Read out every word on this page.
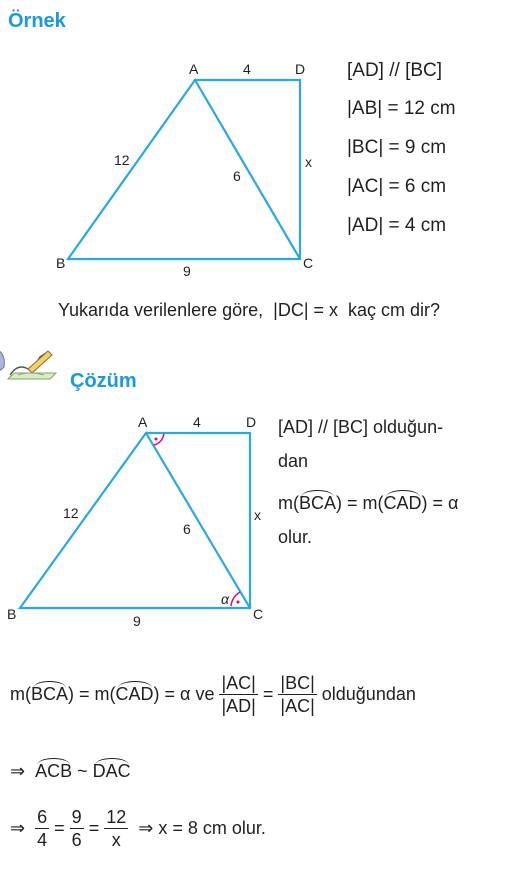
Örnek
A	D
B	C
4
12
6
9
x
[AD] // [BC]
|AB| = 12 cm
|BC| = 9 cm
|AC| = 6 cm
|AD| = 4 cm
Yukarıda verilenlere göre, |DC| = x kaç cm dir?
Çözüm
A	D
B	C
4
12
6
9
x
α
[AD] // [BC] olduğun-
dan
m(BCA) = m(CAD) = α
olur.
m( BCA ) = m( CAD ) = α ve
$\frac{|AC|}{|AD|}$
=
$\frac{|BC|}{|AC|}$
olduğundan
⇒
ACB
~
DAC
⇒
$\frac{6}{4}$
=
$\frac{9}{6}$
=
$\frac{12}{x}$
⇒
x = 8 cm olur.
